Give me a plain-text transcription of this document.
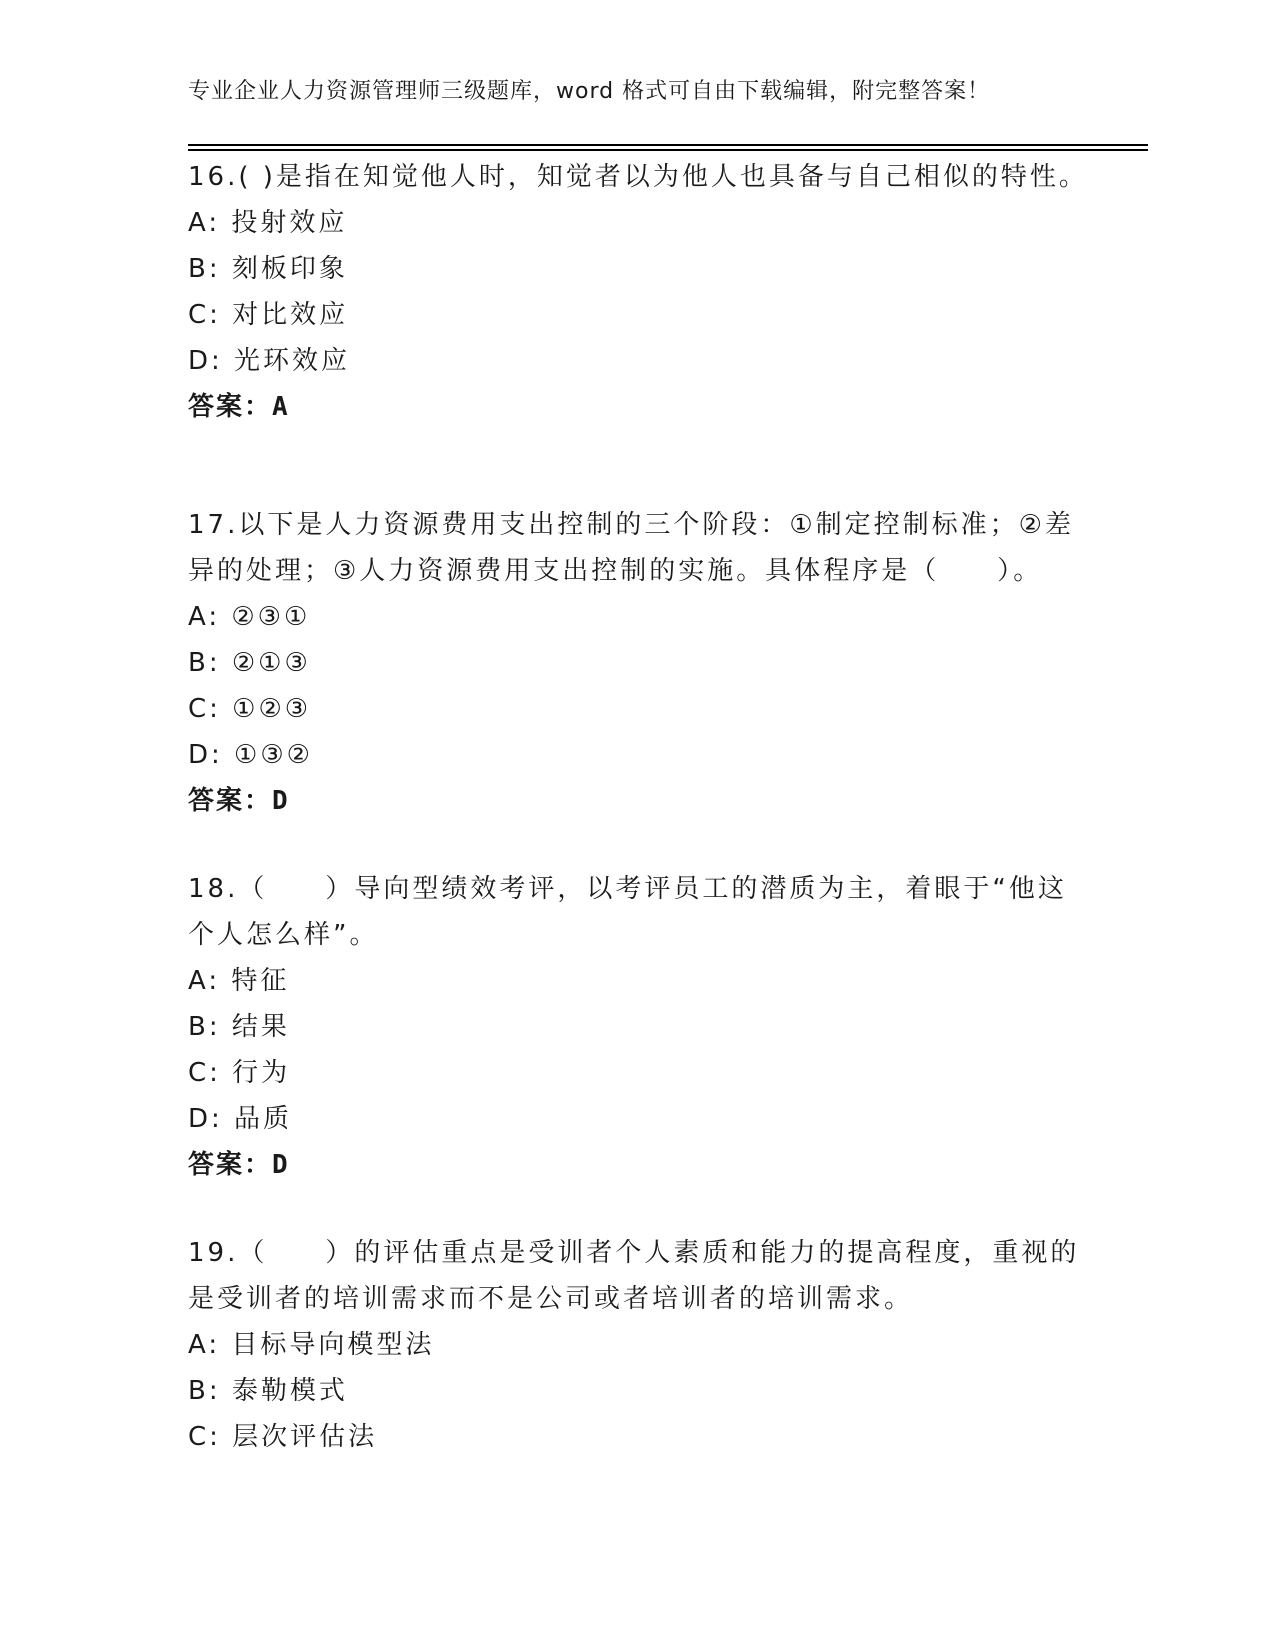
专业企业人力资源管理师三级题库，word 格式可自由下载编辑，附完整答案！
16.( )是指在知觉他人时，知觉者以为他人也具备与自己相似的特性。
A: 投射效应
B: 刻板印象
C: 对比效应
D: 光环效应
答案：A
17.以下是人力资源费用支出控制的三个阶段：①制定控制标准；②差异的处理；③人力资源费用支出控制的实施。具体程序是（　　）。
A: ②③①
B: ②①③
C: ①②③
D: ①③②
答案：D
18.（　　）导向型绩效考评，以考评员工的潜质为主，着眼于“他这个人怎么样”。
A: 特征
B: 结果
C: 行为
D: 品质
答案：D
19.（　　）的评估重点是受训者个人素质和能力的提高程度，重视的是受训者的培训需求而不是公司或者培训者的培训需求。
A: 目标导向模型法
B: 泰勒模式
C: 层次评估法
